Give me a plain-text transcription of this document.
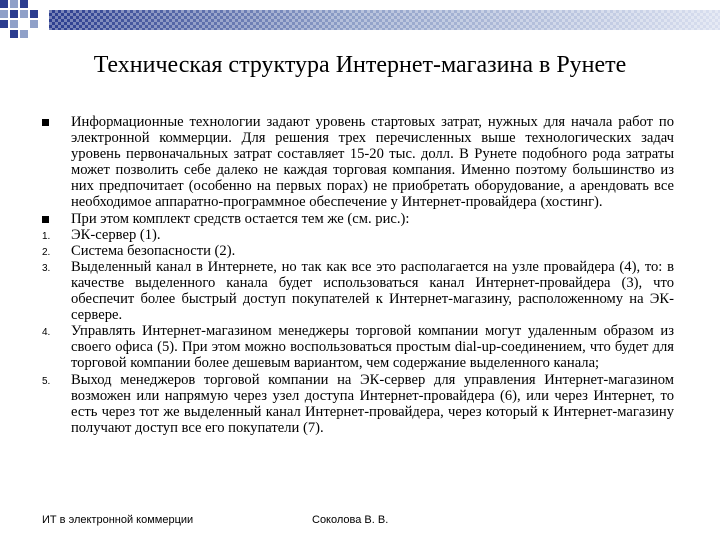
Техническая структура Интернет-магазина в Рунете
Информационные технологии задают уровень стартовых затрат, нужных для начала работ по электронной коммерции. Для решения трех перечисленных выше технологических задач уровень первоначальных затрат составляет 15-20 тыс. долл. В Рунете подобного рода затраты может позволить себе далеко не каждая торговая компания. Именно поэтому большинство из них предпочитает (особенно на первых порах) не приобретать оборудование, а арендовать все необходимое аппаратно-программное обеспечение у Интернет-провайдера (хостинг).
При этом комплект средств остается тем же (см. рис.):
1. ЭК-сервер (1).
2. Система безопасности (2).
3. Выделенный канал в Интернете, но так как все это располагается на узле провайдера (4), то: в качестве выделенного канала будет использоваться канал Интернет-провайдера (3), что обеспечит более быстрый доступ покупателей к Интернет-магазину, расположенному на ЭК-сервере.
4. Управлять Интернет-магазином менеджеры торговой компании могут удаленным образом из своего офиса (5). При этом можно воспользоваться простым dial-up-соединением, что будет для торговой компании более дешевым вариантом, чем содержание выделенного канала;
5. Выход менеджеров торговой компании на ЭК-сервер для управления Интернет-магазином возможен или напрямую через узел доступа Интернет-провайдера (6), или через Интернет, то есть через тот же выделенный канал Интернет-провайдера, через который к Интернет-магазину получают доступ все его покупатели (7).
ИТ в электронной коммерции	Соколова В. В.
